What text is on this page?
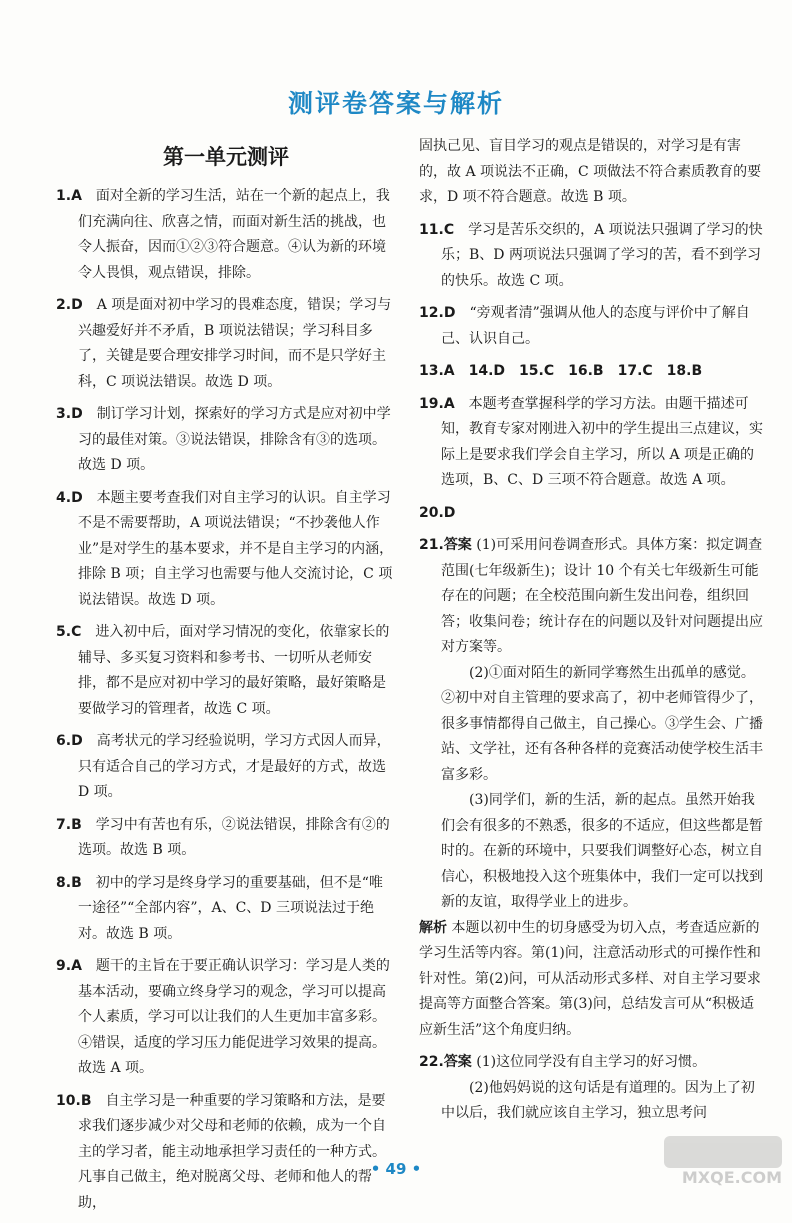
测评卷答案与解析
第一单元测评

1.A　 面对全新的学习生活，站在一个新的起点上，我们充满向往、欣喜之情，而面对新生活的挑战，也令人振奋，因而①②③符合题意。④认为新的环境令人畏惧，观点错误，排除。

2.D　 A 项是面对初中学习的畏难态度，错误；学习与兴趣爱好并不矛盾，B 项说法错误；学习科目多了，关键是要合理安排学习时间，而不是只学好主科，C 项说法错误。故选 D 项。

3.D　 制订学习计划，探索好的学习方式是应对初中学习的最佳对策。③说法错误，排除含有③的选项。故选 D 项。

4.D　 本题主要考查我们对自主学习的认识。自主学习不是不需要帮助，A 项说法错误；“不抄袭他人作业”是对学生的基本要求，并不是自主学习的内涵，排除 B 项；自主学习也需要与他人交流讨论，C 项说法错误。故选 D 项。

5.C　 进入初中后，面对学习情况的变化，依靠家长的辅导、多买复习资料和参考书、一切听从老师安排，都不是应对初中学习的最好策略，最好策略是要做学习的管理者，故选 C 项。

6.D　 高考状元的学习经验说明，学习方式因人而异，只有适合自己的学习方式，才是最好的方式，故选 D 项。

7.B　 学习中有苦也有乐，②说法错误，排除含有②的选项。故选 B 项。

8.B　 初中的学习是终身学习的重要基础，但不是“唯一途径”“全部内容”，A、C、D 三项说法过于绝对。故选 B 项。

9.A　 题干的主旨在于要正确认识学习：学习是人类的基本活动，要确立终身学习的观念，学习可以提高个人素质，学习可以让我们的人生更加丰富多彩。④错误，适度的学习压力能促进学习效果的提高。故选 A 项。

10.B　 自主学习是一种重要的学习策略和方法，是要求我们逐步减少对父母和老师的依赖，成为一个自主的学习者，能主动地承担学习责任的一种方式。凡事自己做主，绝对脱离父母、老师和他人的帮助，

固执己见、盲目学习的观点是错误的，对学习是有害的，故 A 项说法不正确，C 项做法不符合素质教育的要求，D 项不符合题意。故选 B 项。

11.C　 学习是苦乐交织的，A 项说法只强调了学习的快乐；B、D 两项说法只强调了学习的苦，看不到学习的快乐。故选 C 项。

12.D　 “旁观者清”强调从他人的态度与评价中了解自己、认识自己。

13.A　14.D　15.C　16.B　17.C　18.B

19.A　 本题考查掌握科学的学习方法。由题干描述可知，教育专家对刚进入初中的学生提出三点建议，实际上是要求我们学会自主学习，所以 A 项是正确的选项，B、C、D 三项不符合题意。故选 A 项。

20.D

21.答案 (1)可采用问卷调查形式。具体方案：拟定调查范围(七年级新生)；设计 10 个有关七年级新生可能存在的问题；在全校范围向新生发出问卷，组织回答；收集问卷；统计存在的问题以及针对问题提出应对方案等。

(2)①面对陌生的新同学骞然生出孤单的感觉。②初中对自主管理的要求高了，初中老师管得少了，很多事情都得自己做主，自己操心。③学生会、广播站、文学社，还有各种各样的竞赛活动使学校生活丰富多彩。

(3)同学们，新的生活，新的起点。虽然开始我们会有很多的不熟悉，很多的不适应，但这些都是暂时的。在新的环境中，只要我们调整好心态，树立自信心，积极地投入这个班集体中，我们一定可以找到新的友谊，取得学业上的进步。

解析 本题以初中生的切身感受为切入点，考查适应新的学习生活等内容。第(1)问，注意活动形式的可操作性和针对性。第(2)问，可从活动形式多样、对自主学习要求提高等方面整合答案。第(3)问，总结发言可从“积极适应新生活”这个角度归纳。

22.答案 (1)这位同学没有自主学习的好习惯。

(2)他妈妈说的这句话是有道理的。因为上了初中以后，我们就应该自主学习，独立思考问

• 49 •	MXQE.COM
